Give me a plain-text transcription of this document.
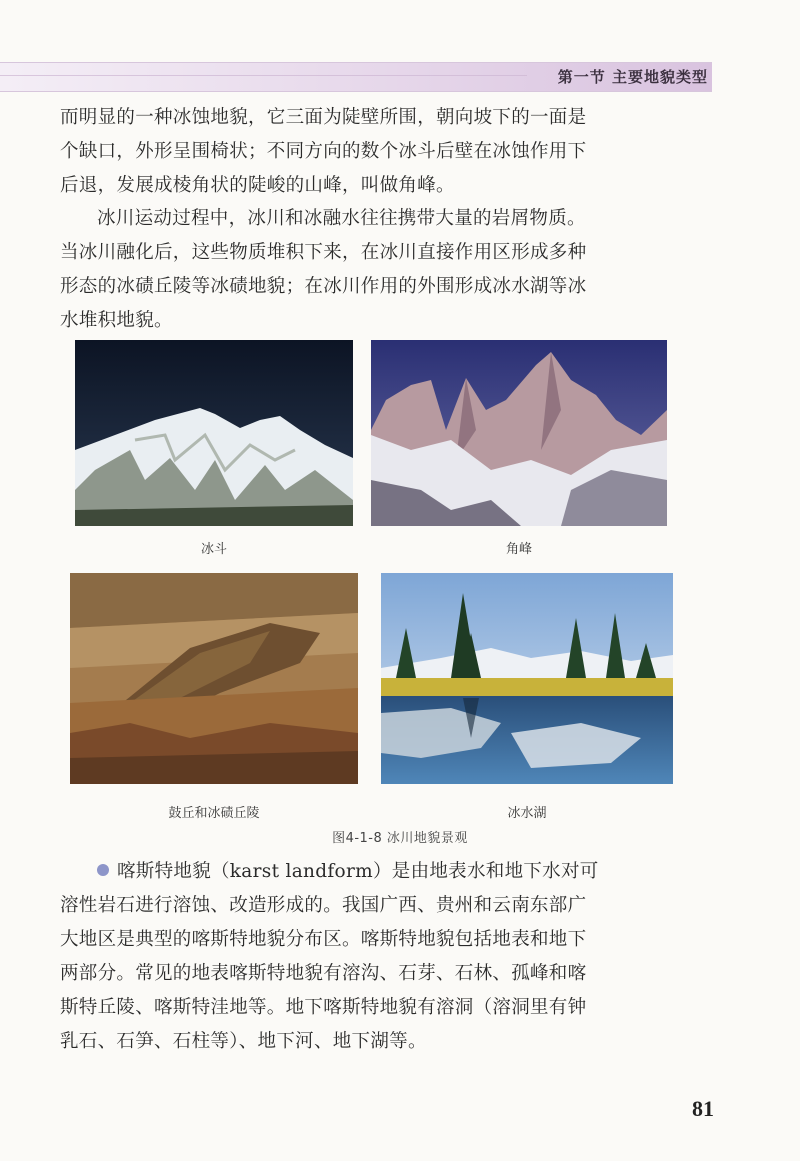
第一节 主要地貌类型

而明显的一种冰蚀地貌，它三面为陡壁所围，朝向坡下的一面是个缺口，外形呈围椅状；不同方向的数个冰斗后壁在冰蚀作用下后退，发展成棱角状的陡峻的山峰，叫做角峰。

冰川运动过程中，冰川和冰融水往往携带大量的岩屑物质。当冰川融化后，这些物质堆积下来，在冰川直接作用区形成多种形态的冰碛丘陵等冰碛地貌；在冰川作用的外围形成冰水湖等冰水堆积地貌。

冰斗	角峰
鼓丘和冰碛丘陵	冰水湖
图4-1-8 冰川地貌景观

喀斯特地貌（karst landform）是由地表水和地下水对可溶性岩石进行溶蚀、改造形成的。我国广西、贵州和云南东部广大地区是典型的喀斯特地貌分布区。喀斯特地貌包括地表和地下两部分。常见的地表喀斯特地貌有溶沟、石芽、石林、孤峰和喀斯特丘陵、喀斯特洼地等。地下喀斯特地貌有溶洞（溶洞里有钟乳石、石笋、石柱等）、地下河、地下湖等。

81
